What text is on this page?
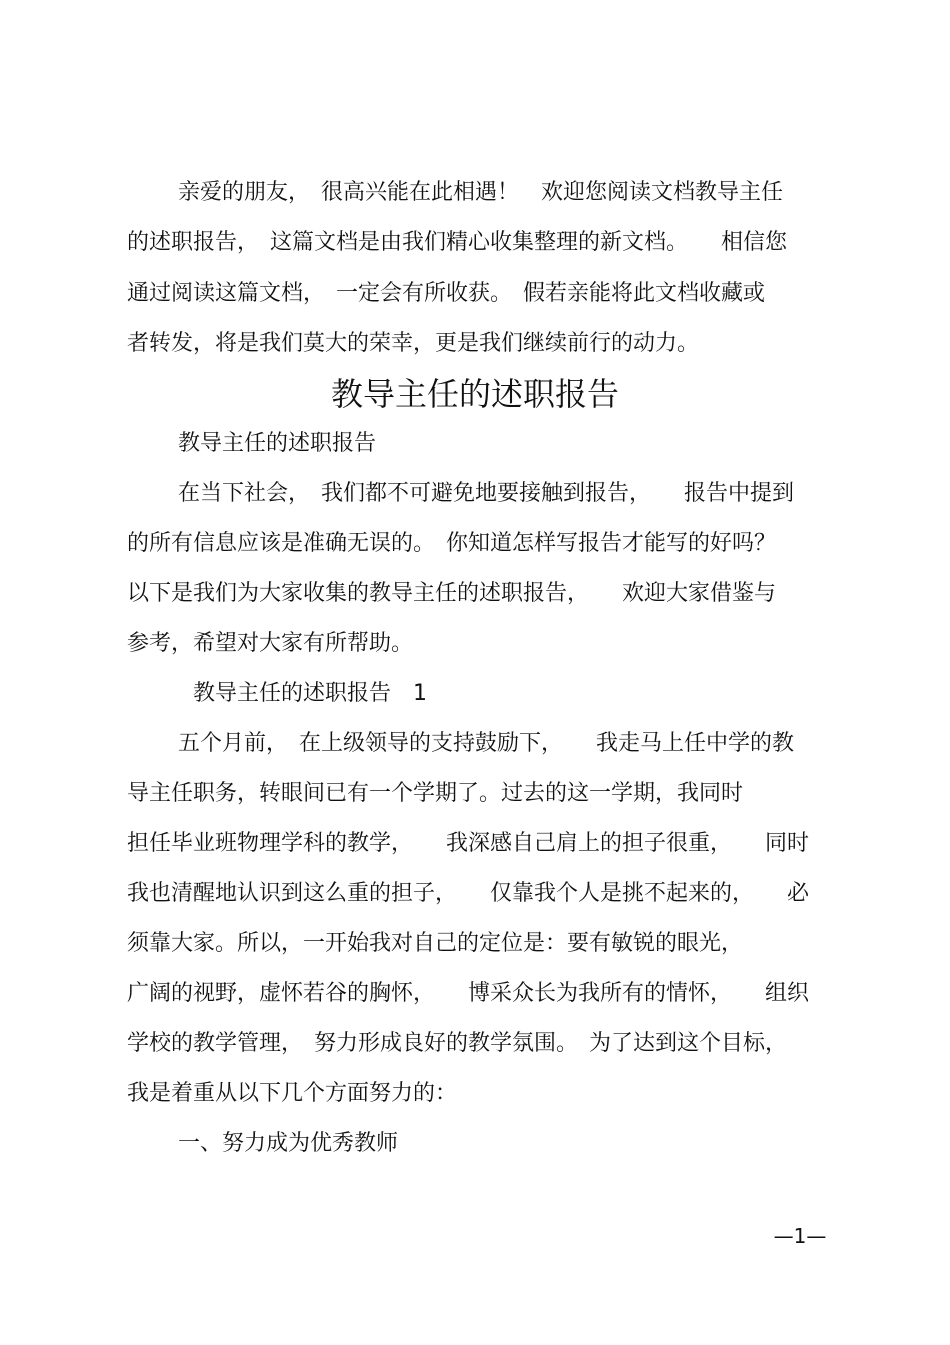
亲爱的朋友，　很高兴能在此相遇！　欢迎您阅读文档教导主任

的述职报告，　这篇文档是由我们精心收集整理的新文档。　　相信您

通过阅读这篇文档，　一定会有所收获。　假若亲能将此文档收藏或

者转发，将是我们莫大的荣幸，更是我们继续前行的动力。

教导主任的述职报告

教导主任的述职报告

在当下社会，　我们都不可避免地要接触到报告，　　报告中提到

的所有信息应该是准确无误的。　你知道怎样写报告才能写的好吗？

以下是我们为大家收集的教导主任的述职报告，　　欢迎大家借鉴与

参考，希望对大家有所帮助。

教导主任的述职报告　1

五个月前，　在上级领导的支持鼓励下，　　我走马上任中学的教

导主任职务，转眼间已有一个学期了。过去的这一学期，我同时

担任毕业班物理学科的教学，　　我深感自己肩上的担子很重，　　同时

我也清醒地认识到这么重的担子，　　仅靠我个人是挑不起来的，　　必

须靠大家。所以，一开始我对自己的定位是：要有敏锐的眼光，

广阔的视野，虚怀若谷的胸怀，　　博采众长为我所有的情怀，　　组织

学校的教学管理，　努力形成良好的教学氛围。　为了达到这个目标，

我是着重从以下几个方面努力的：

一、努力成为优秀教师

—1—
